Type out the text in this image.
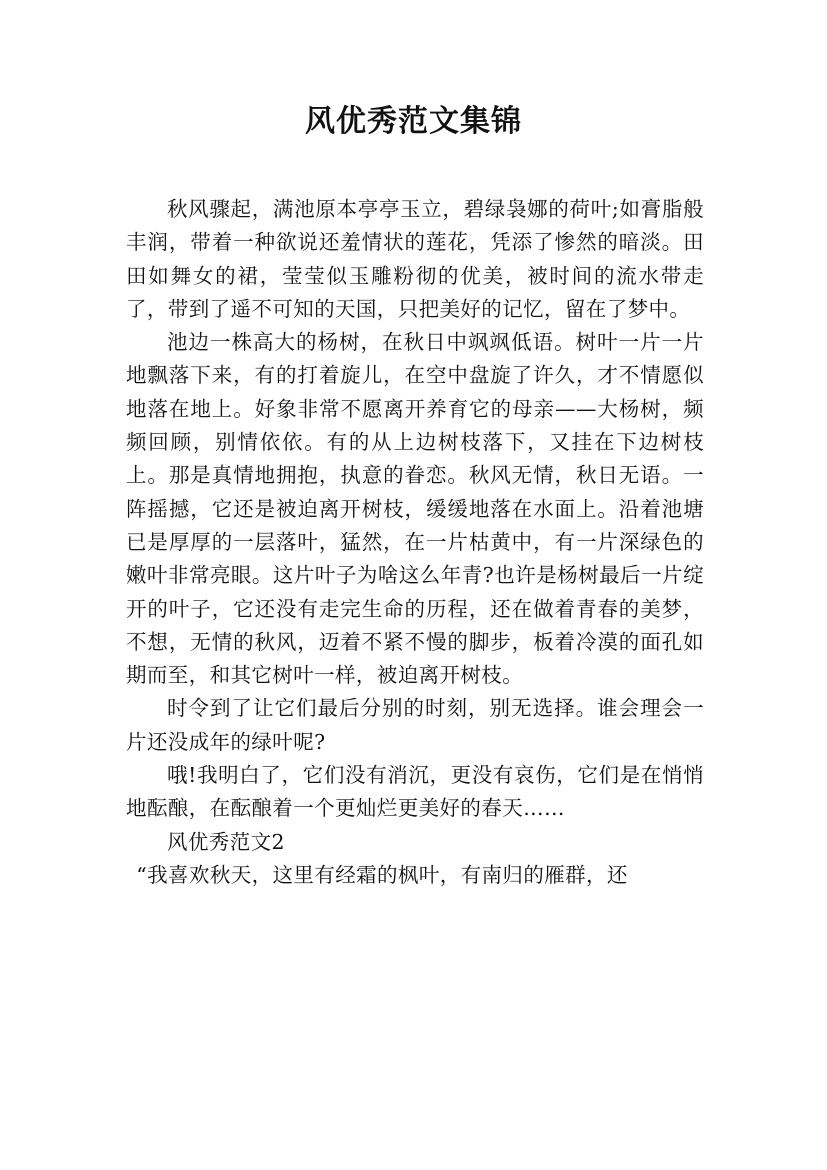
风优秀范文集锦

秋风骤起，满池原本亭亭玉立，碧绿袅娜的荷叶;如膏脂般丰润，带着一种欲说还羞情状的莲花，凭添了惨然的暗淡。田田如舞女的裙，莹莹似玉雕粉彻的优美，被时间的流水带走了，带到了遥不可知的天国，只把美好的记忆，留在了梦中。

池边一株高大的杨树，在秋日中飒飒低语。树叶一片一片地飘落下来，有的打着旋儿，在空中盘旋了许久，才不情愿似地落在地上。好象非常不愿离开养育它的母亲——大杨树，频频回顾，别情依依。有的从上边树枝落下，又挂在下边树枝上。那是真情地拥抱，执意的眷恋。秋风无情，秋日无语。一阵摇撼，它还是被迫离开树枝，缓缓地落在水面上。沿着池塘已是厚厚的一层落叶，猛然，在一片枯黄中，有一片深绿色的嫩叶非常亮眼。这片叶子为啥这么年青?也许是杨树最后一片绽开的叶子，它还没有走完生命的历程，还在做着青春的美梦，不想，无情的秋风，迈着不紧不慢的脚步，板着冷漠的面孔如期而至，和其它树叶一样，被迫离开树枝。

时令到了让它们最后分别的时刻，别无选择。谁会理会一片还没成年的绿叶呢?

哦!我明白了，它们没有消沉，更没有哀伤，它们是在悄悄地酝酿，在酝酿着一个更灿烂更美好的春天……

风优秀范文2

“我喜欢秋天，这里有经霜的枫叶，有南归的雁群，还
